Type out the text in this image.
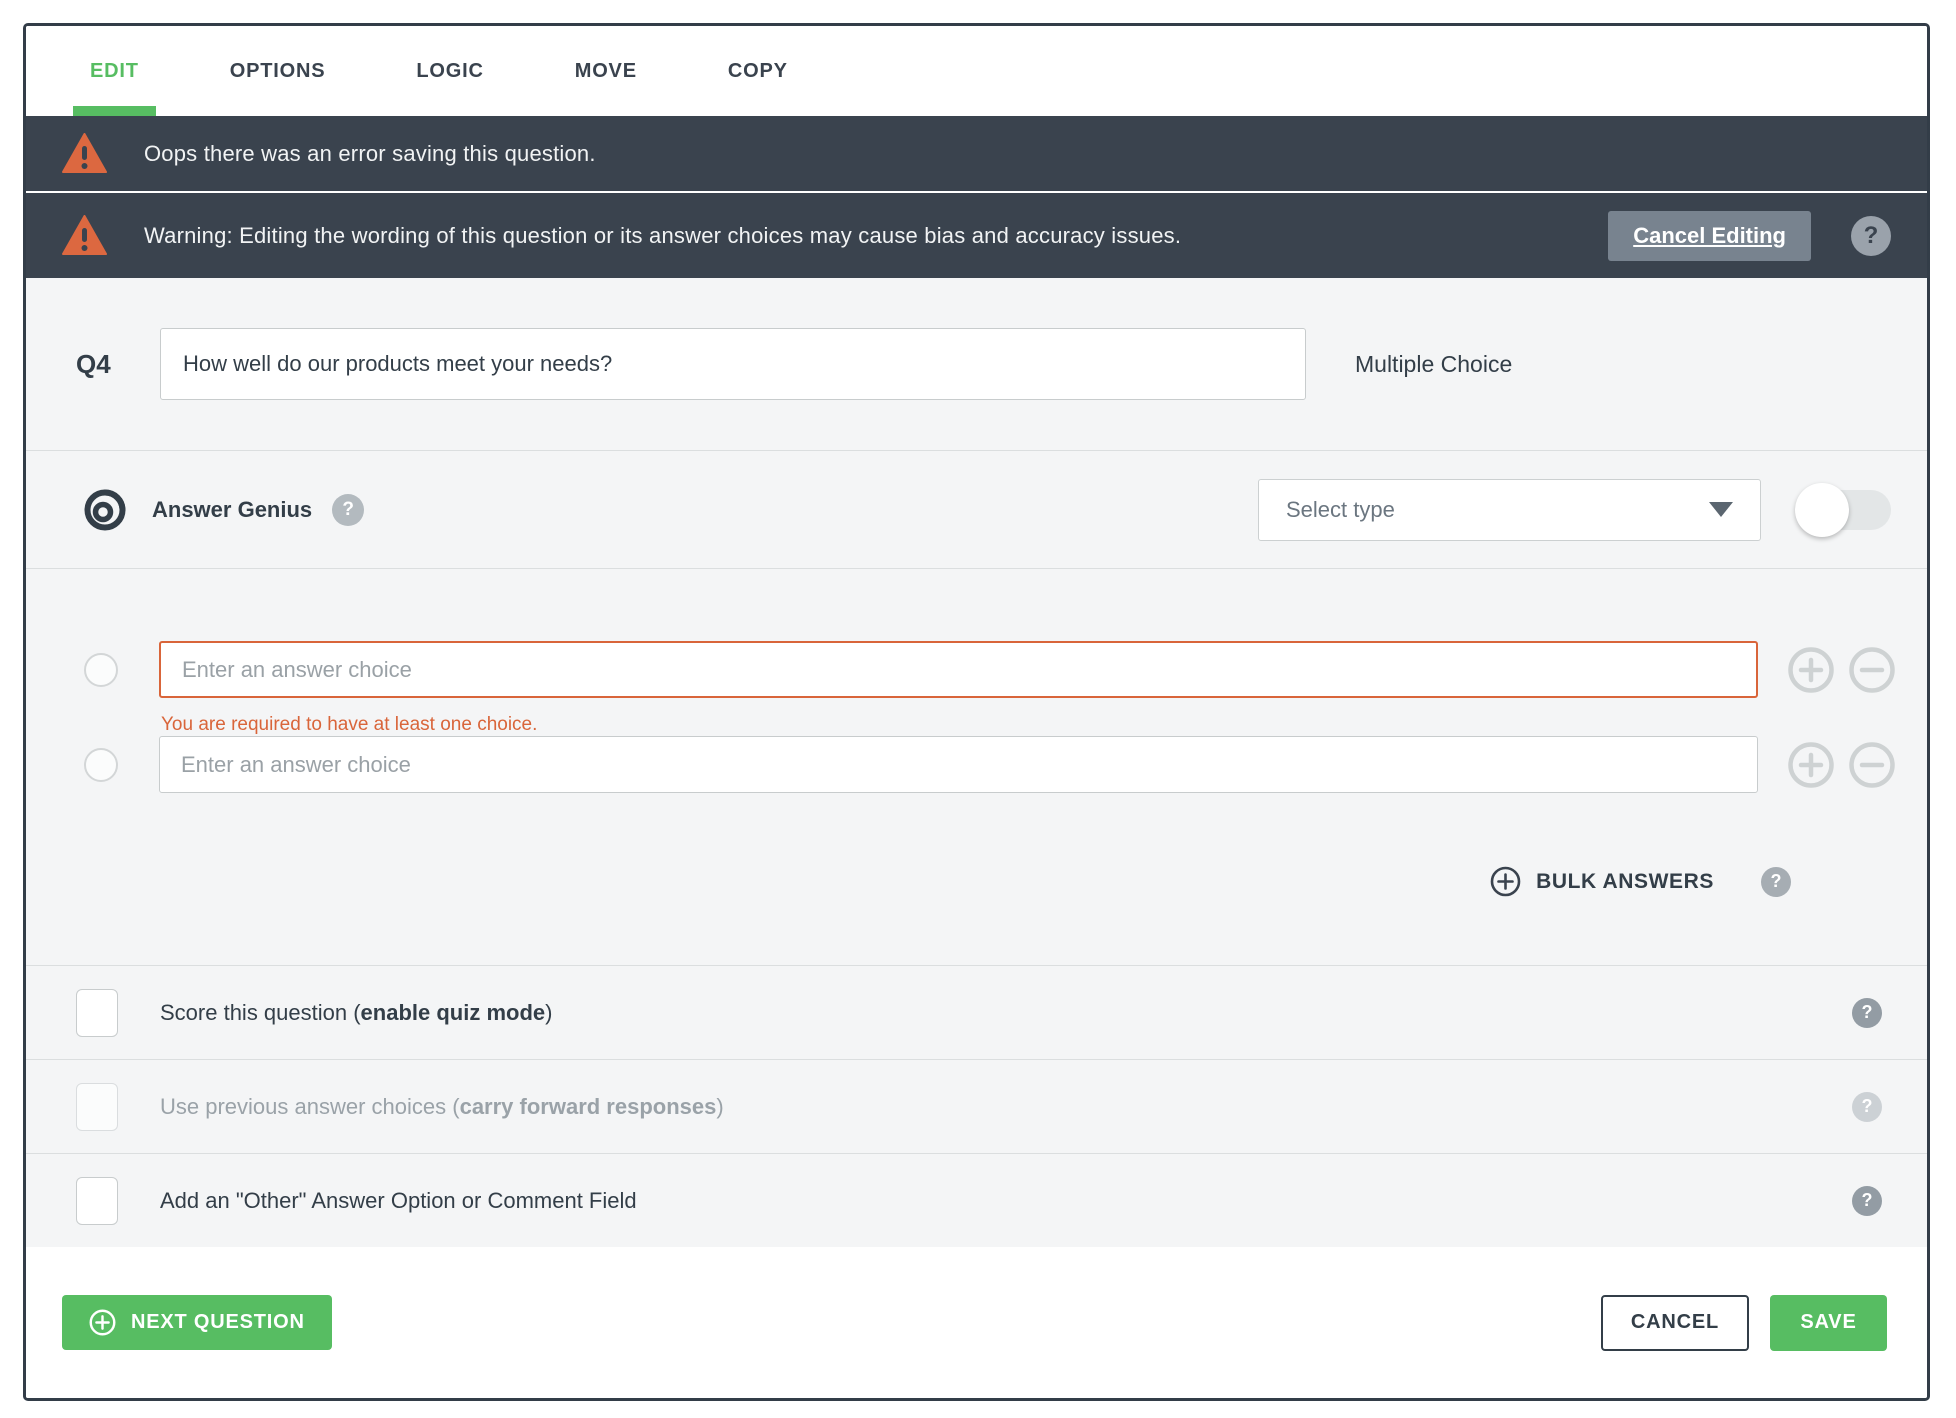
EDIT	OPTIONS	LOGIC	MOVE	COPY
Oops there was an error saving this question.
Warning: Editing the wording of this question or its answer choices may cause bias and accuracy issues.	Cancel Editing	?
Q4
How well do our products meet your needs?	Multiple Choice
Answer Genius	?	Select type
Enter an answer choice
You are required to have at least one choice.
Enter an answer choice
BULK ANSWERS	?
Score this question (enable quiz mode)	?
Use previous answer choices (carry forward responses)	?
Add an "Other" Answer Option or Comment Field	?
NEXT QUESTION	CANCEL	SAVE
